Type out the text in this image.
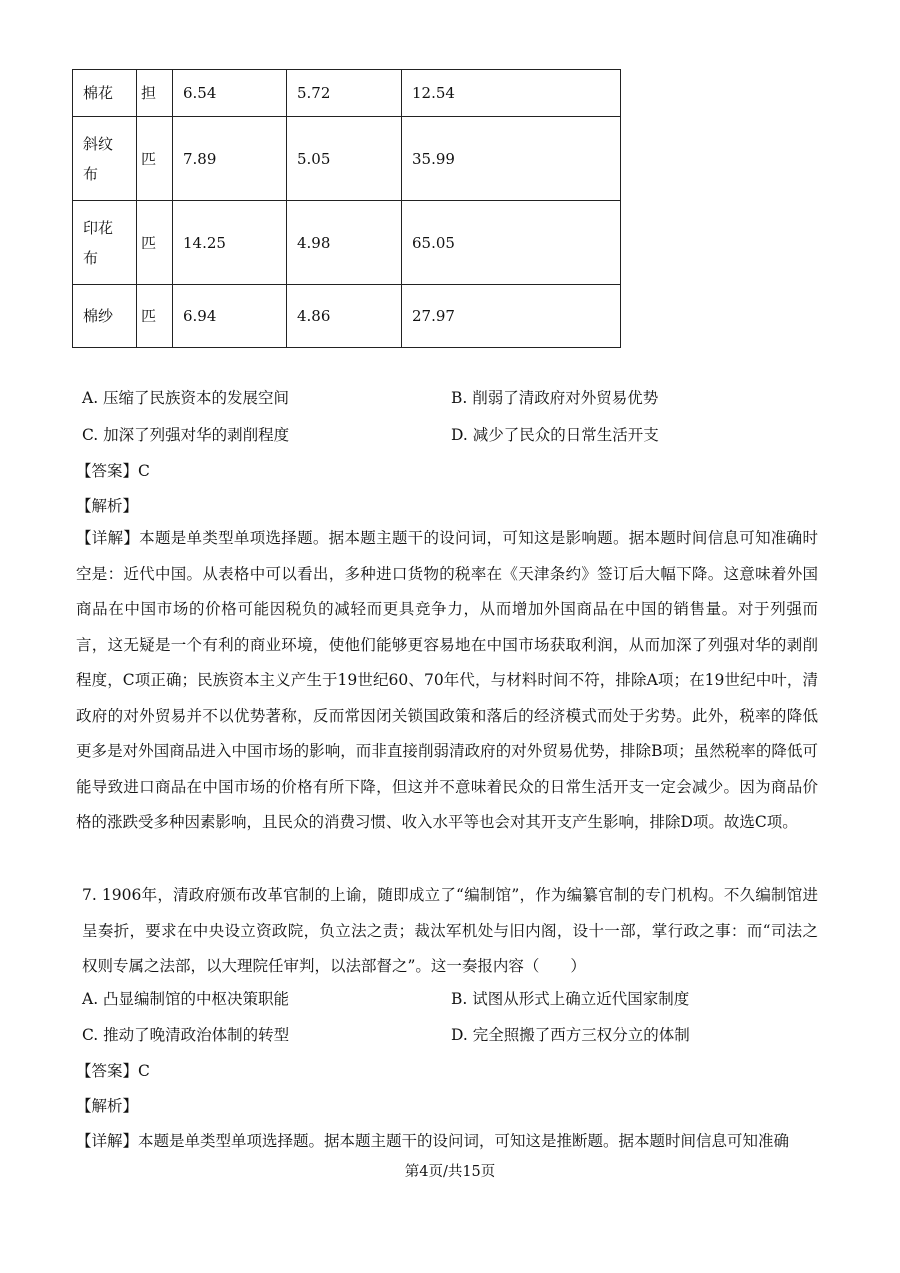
棉花	担	6.54	5.72	12.54
斜纹布	匹	7.89	5.05	35.99
印花布	匹	14.25	4.98	65.05
棉纱	匹	6.94	4.86	27.97
A. 压缩了民族资本的发展空间	B. 削弱了清政府对外贸易优势
C. 加深了列强对华的剥削程度	D. 减少了民众的日常生活开支
【答案】C
【解析】
【详解】本题是单类型单项选择题。据本题主题干的设问词，可知这是影响题。据本题时间信息可知准确时空是：近代中国。从表格中可以看出，多种进口货物的税率在《天津条约》签订后大幅下降。这意味着外国商品在中国市场的价格可能因税负的减轻而更具竞争力，从而增加外国商品在中国的销售量。对于列强而言，这无疑是一个有利的商业环境，使他们能够更容易地在中国市场获取利润，从而加深了列强对华的剥削程度，C项正确；民族资本主义产生于19世纪60、70年代，与材料时间不符，排除A项；在19世纪中叶，清政府的对外贸易并不以优势著称，反而常因闭关锁国政策和落后的经济模式而处于劣势。此外，税率的降低更多是对外国商品进入中国市场的影响，而非直接削弱清政府的对外贸易优势，排除B项；虽然税率的降低可能导致进口商品在中国市场的价格有所下降，但这并不意味着民众的日常生活开支一定会减少。因为商品价格的涨跌受多种因素影响，且民众的消费习惯、收入水平等也会对其开支产生影响，排除D项。故选C项。
7. 1906年，清政府颁布改革官制的上谕，随即成立了“编制馆”，作为编纂官制的专门机构。不久编制馆进呈奏折，要求在中央设立资政院，负立法之责；裁汰军机处与旧内阁，设十一部，掌行政之事：而“司法之权则专属之法部，以大理院任审判，以法部督之”。这一奏报内容（　　）
A. 凸显编制馆的中枢决策职能	B. 试图从形式上确立近代国家制度
C. 推动了晚清政治体制的转型	D. 完全照搬了西方三权分立的体制
【答案】C
【解析】
【详解】本题是单类型单项选择题。据本题主题干的设问词，可知这是推断题。据本题时间信息可知准确
第4页/共15页
